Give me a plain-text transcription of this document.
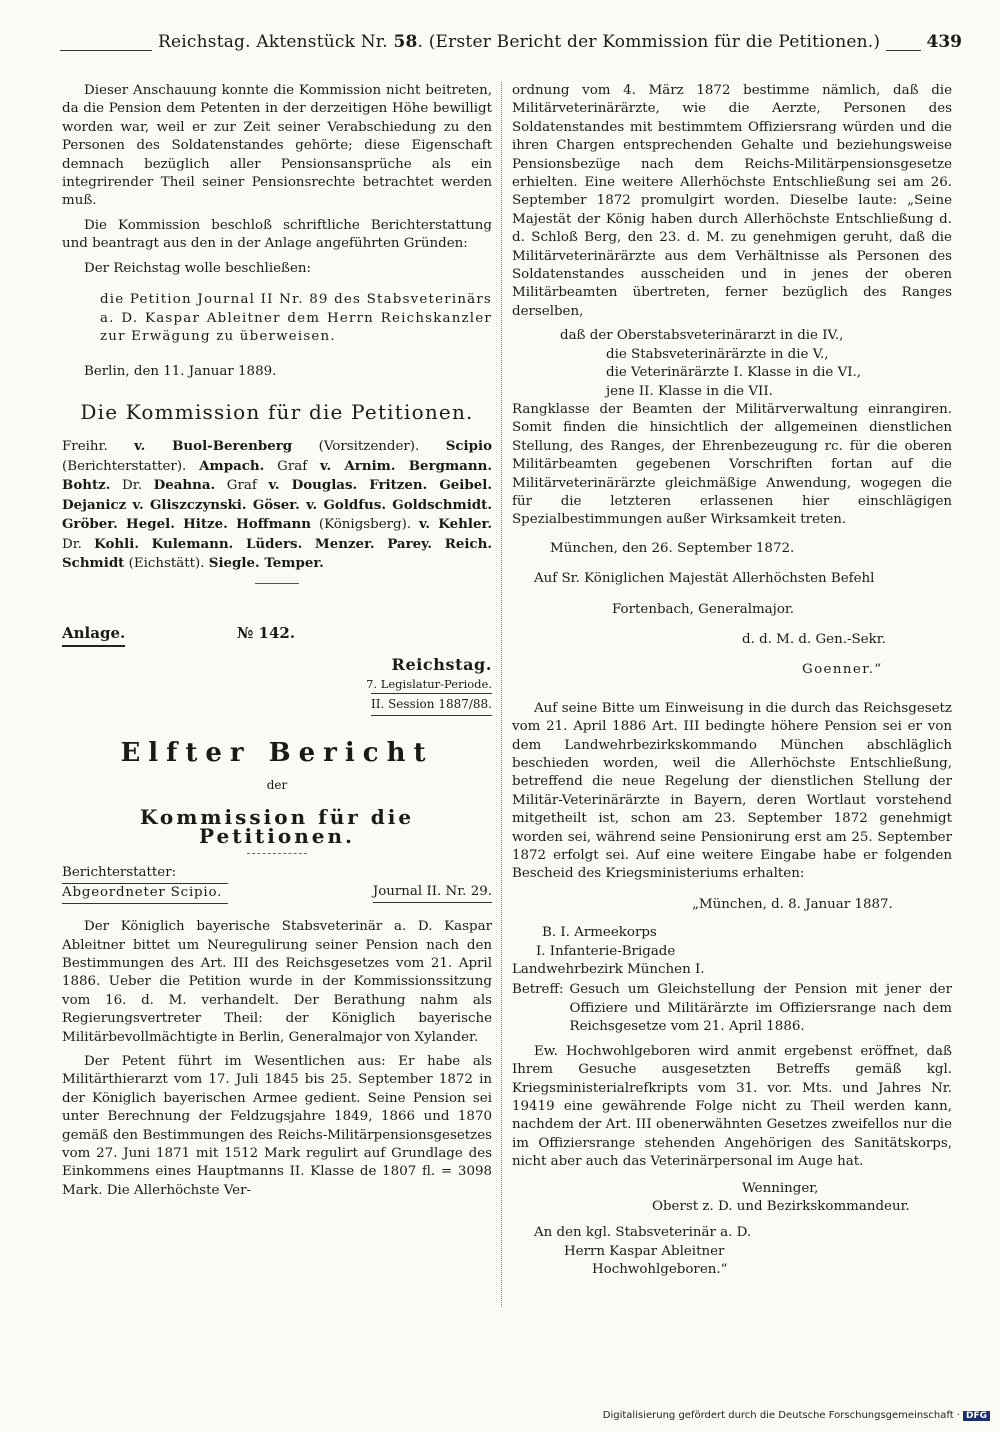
Reichstag. Aktenstück Nr. 58. (Erster Bericht der Kommission für die Petitionen.)	439

Dieser Anschauung konnte die Kommission nicht beitreten, da die Pension dem Petenten in der derzeitigen Höhe bewilligt worden war, weil er zur Zeit seiner Verabschiedung zu den Personen des Soldatenstandes gehörte; diese Eigenschaft demnach bezüglich aller Pensionsansprüche als ein integrirender Theil seiner Pensionsrechte betrachtet werden muß.

Die Kommission beschloß schriftliche Berichterstattung und beantragt aus den in der Anlage angeführten Gründen:

Der Reichstag wolle beschließen:

die Petition Journal II Nr. 89 des Stabsveterinärs a. D. Kaspar Ableitner dem Herrn Reichskanzler zur Erwägung zu überweisen.

Berlin, den 11. Januar 1889.

Die Kommission für die Petitionen.

Freihr. v. Buol-Berenberg (Vorsitzender). Scipio (Berichterstatter). Ampach. Graf v. Arnim. Bergmann. Bohtz. Dr. Deahna. Graf v. Douglas. Fritzen. Geibel. Dejanicz v. Gliszczynski. Göser. v. Goldfus. Goldschmidt. Gröber. Hegel. Hitze. Hoffmann (Königsberg). v. Kehler. Dr. Kohli. Kulemann. Lüders. Menzer. Parey. Reich. Schmidt (Eichstätt). Siegle. Temper.

Anlage.	№ 142.
Reichstag.
7. Legislatur-Periode.
II. Session 1887/88.
Elfter Bericht
der
Kommission für die Petitionen.
Berichterstatter:
Abgeordneter Scipio.	Journal II. Nr. 29.

Der Königlich bayerische Stabsveterinär a. D. Kaspar Ableitner bittet um Neuregulirung seiner Pension nach den Bestimmungen des Art. III des Reichsgesetzes vom 21. April 1886. Ueber die Petition wurde in der Kommissionssitzung vom 16. d. M. verhandelt. Der Berathung nahm als Regierungsvertreter Theil: der Königlich bayerische Militärbevollmächtigte in Berlin, Generalmajor von Xylander.

Der Petent führt im Wesentlichen aus: Er habe als Militärthierarzt vom 17. Juli 1845 bis 25. September 1872 in der Königlich bayerischen Armee gedient. Seine Pension sei unter Berechnung der Feldzugsjahre 1849, 1866 und 1870 gemäß den Bestimmungen des Reichs-Militärpensionsgesetzes vom 27. Juni 1871 mit 1512 Mark regulirt auf Grundlage des Einkommens eines Hauptmanns II. Klasse de 1807 fl. = 3098 Mark. Die Allerhöchste Ver-

ordnung vom 4. März 1872 bestimme nämlich, daß die Militärveterinärärzte, wie die Aerzte, Personen des Soldatenstandes mit bestimmtem Offiziersrang würden und die ihren Chargen entsprechenden Gehalte und beziehungsweise Pensionsbezüge nach dem Reichs-Militärpensionsgesetze erhielten. Eine weitere Allerhöchste Entschließung sei am 26. September 1872 promulgirt worden. Dieselbe laute: „Seine Majestät der König haben durch Allerhöchste Entschließung d. d. Schloß Berg, den 23. d. M. zu genehmigen geruht, daß die Militärveterinärärzte aus dem Verhältnisse als Personen des Soldatenstandes ausscheiden und in jenes der oberen Militärbeamten übertreten, ferner bezüglich des Ranges derselben,

daß der Oberstabsveterinärarzt in die IV.,

die Stabsveterinärärzte in die V.,

die Veterinärärzte I. Klasse in die VI.,

jene II. Klasse in die VII.

Rangklasse der Beamten der Militärverwaltung einrangiren. Somit finden die hinsichtlich der allgemeinen dienstlichen Stellung, des Ranges, der Ehrenbezeugung rc. für die oberen Militärbeamten gegebenen Vorschriften fortan auf die Militärveterinärärzte gleichmäßige Anwendung, wogegen die für die letzteren erlassenen hier einschlägigen Spezialbestimmungen außer Wirksamkeit treten.

München, den 26. September 1872.

Auf Sr. Königlichen Majestät Allerhöchsten Befehl

Fortenbach, Generalmajor.

d. d. M. d. Gen.-Sekr.

Goenner.“

Auf seine Bitte um Einweisung in die durch das Reichsgesetz vom 21. April 1886 Art. III bedingte höhere Pension sei er von dem Landwehrbezirkskommando München abschläglich beschieden worden, weil die Allerhöchste Entschließung, betreffend die neue Regelung der dienstlichen Stellung der Militär-Veterinärärzte in Bayern, deren Wortlaut vorstehend mitgetheilt ist, schon am 23. September 1872 genehmigt worden sei, während seine Pensionirung erst am 25. September 1872 erfolgt sei. Auf eine weitere Eingabe habe er folgenden Bescheid des Kriegsministeriums erhalten:

„München, d. 8. Januar 1887.

B. I. Armeekorps

I. Infanterie-Brigade

Landwehrbezirk München I.

Betreff: Gesuch um Gleichstellung der Pension mit jener der Offiziere und Militärärzte im Offiziersrange nach dem Reichsgesetze vom 21. April 1886.

Ew. Hochwohlgeboren wird anmit ergebenst eröffnet, daß Ihrem Gesuche ausgesetzten Betreffs gemäß kgl. Kriegsministerialrefkripts vom 31. vor. Mts. und Jahres Nr. 19419 eine gewährende Folge nicht zu Theil werden kann, nachdem der Art. III obenerwähnten Gesetzes zweifellos nur die im Offiziersrange stehenden Angehörigen des Sanitätskorps, nicht aber auch das Veterinärpersonal im Auge hat.

Wenninger,

Oberst z. D. und Bezirkskommandeur.

An den kgl. Stabsveterinär a. D.

Herrn Kaspar Ableitner

Hochwohlgeboren.“

Digitalisierung gefördert durch die Deutsche Forschungsgemeinschaft · DFG
